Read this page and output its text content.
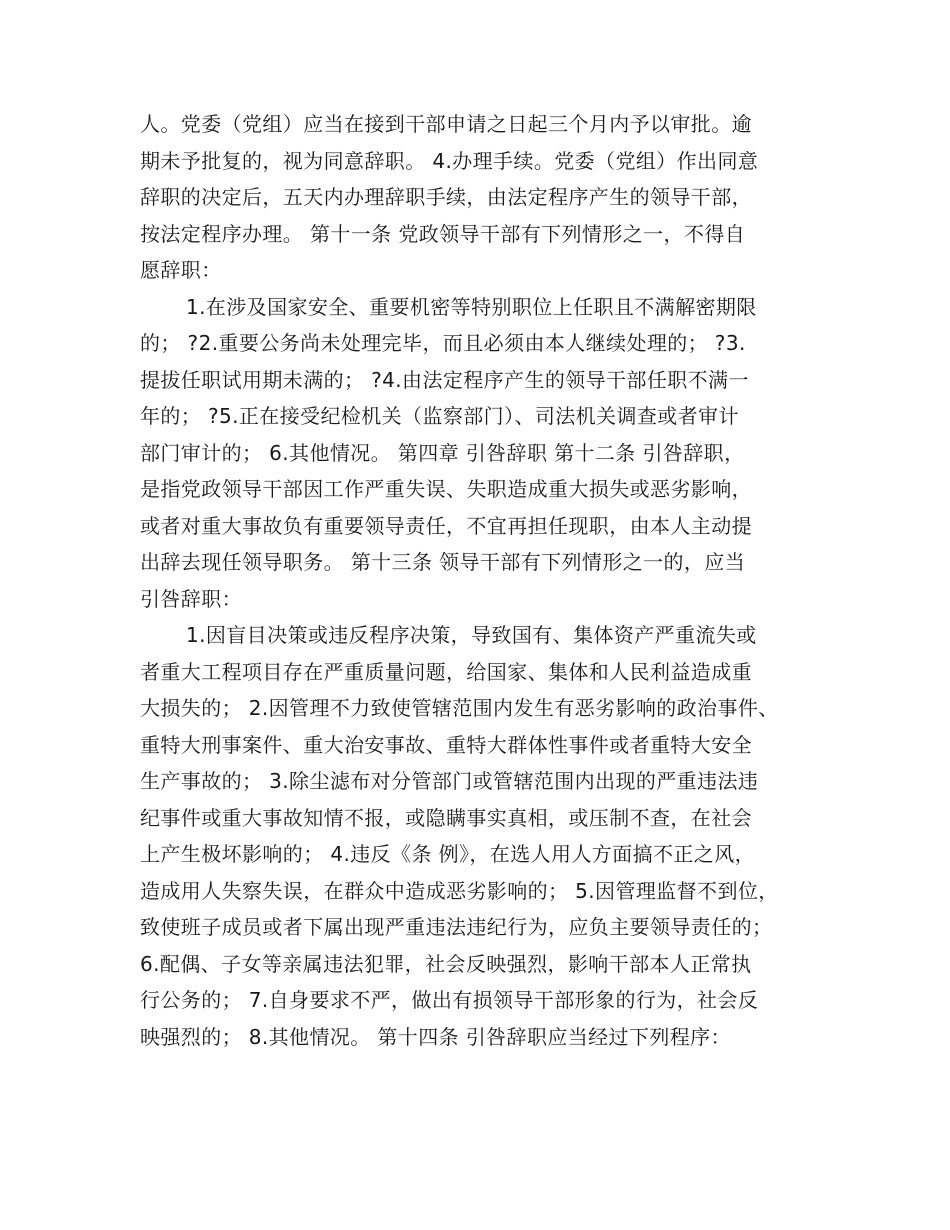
人。党委（党组）应当在接到干部申请之日起三个月内予以审批。逾
期未予批复的，视为同意辞职。 4.办理手续。党委（党组）作出同意
辞职的决定后，五天内办理辞职手续，由法定程序产生的领导干部，
按法定程序办理。 第十一条 党政领导干部有下列情形之一，不得自
愿辞职：
1.在涉及国家安全、重要机密等特别职位上任职且不满解密期限
的； ?2.重要公务尚未处理完毕，而且必须由本人继续处理的； ?3.
提拔任职试用期未满的； ?4.由法定程序产生的领导干部任职不满一
年的； ?5.正在接受纪检机关（监察部门）、司法机关调查或者审计
部门审计的； 6.其他情况。 第四章 引咎辞职 第十二条 引咎辞职，
是指党政领导干部因工作严重失误、失职造成重大损失或恶劣影响，
或者对重大事故负有重要领导责任，不宜再担任现职，由本人主动提
出辞去现任领导职务。 第十三条 领导干部有下列情形之一的，应当
引咎辞职：
1.因盲目决策或违反程序决策，导致国有、集体资产严重流失或
者重大工程项目存在严重质量问题，给国家、集体和人民利益造成重
大损失的； 2.因管理不力致使管辖范围内发生有恶劣影响的政治事件、
重特大刑事案件、重大治安事故、重特大群体性事件或者重特大安全
生产事故的； 3.除尘滤布对分管部门或管辖范围内出现的严重违法违
纪事件或重大事故知情不报，或隐瞒事实真相，或压制不查，在社会
上产生极坏影响的； 4.违反《条 例》，在选人用人方面搞不正之风，
造成用人失察失误，在群众中造成恶劣影响的； 5.因管理监督不到位，
致使班子成员或者下属出现严重违法违纪行为，应负主要领导责任的；
6.配偶、子女等亲属违法犯罪，社会反映强烈，影响干部本人正常执
行公务的； 7.自身要求不严，做出有损领导干部形象的行为，社会反
映强烈的； 8.其他情况。 第十四条 引咎辞职应当经过下列程序：
